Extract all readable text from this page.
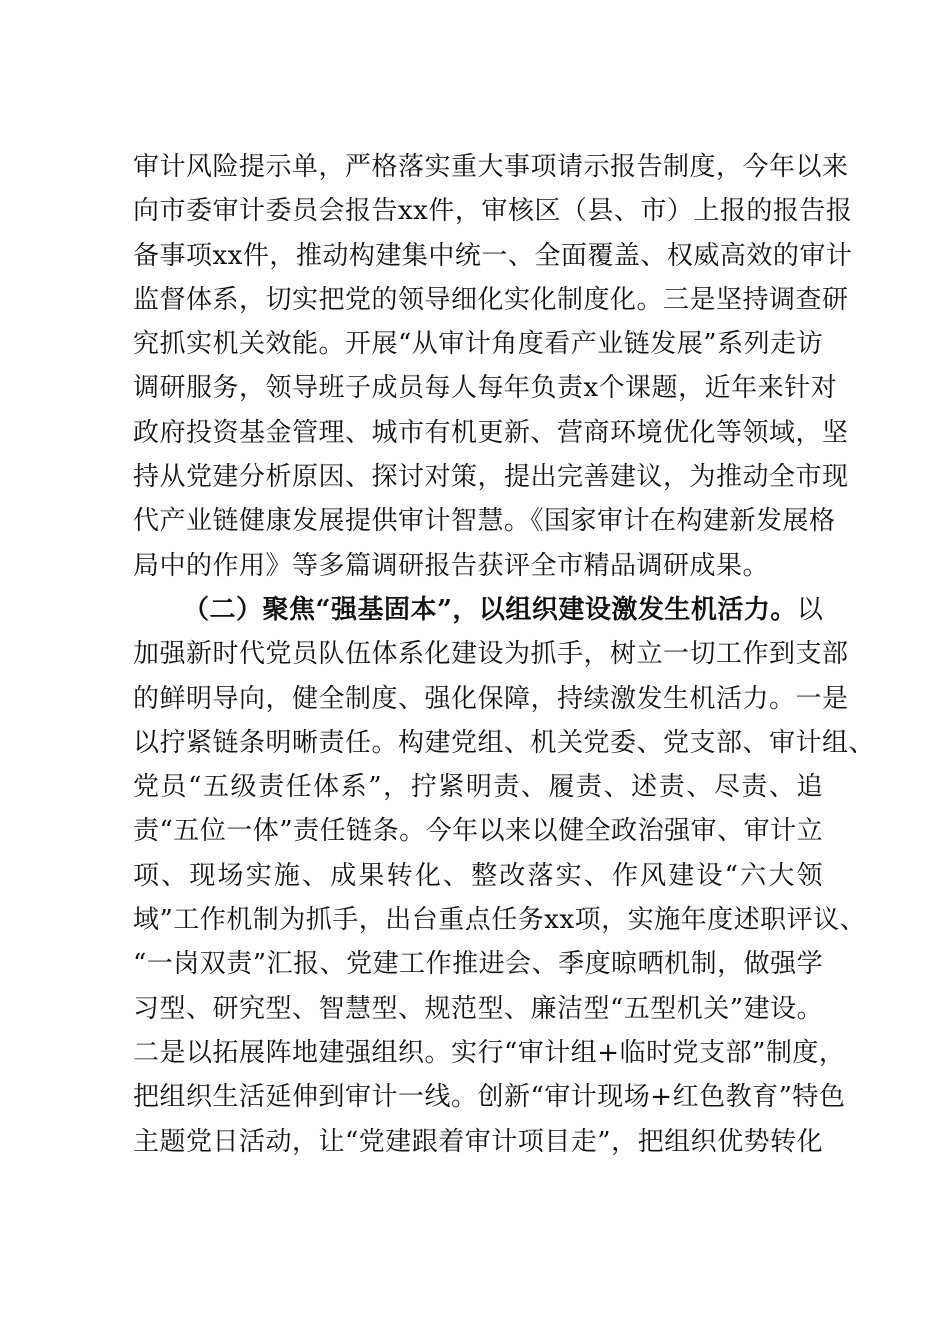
审计风险提示单，严格落实重大事项请示报告制度，今年以来
向市委审计委员会报告xx件，审核区（县、市）上报的报告报
备事项xx件，推动构建集中统一、全面覆盖、权威高效的审计
监督体系，切实把党的领导细化实化制度化。三是坚持调查研
究抓实机关效能。开展“从审计角度看产业链发展”系列走访
调研服务，领导班子成员每人每年负责x个课题，近年来针对
政府投资基金管理、城市有机更新、营商环境优化等领域，坚
持从党建分析原因、探讨对策，提出完善建议，为推动全市现
代产业链健康发展提供审计智慧。《国家审计在构建新发展格
局中的作用》等多篇调研报告获评全市精品调研成果。
（二）聚焦“强基固本”，以组织建设激发生机活力。以
加强新时代党员队伍体系化建设为抓手，树立一切工作到支部
的鲜明导向，健全制度、强化保障，持续激发生机活力。一是
以拧紧链条明晰责任。构建党组、机关党委、党支部、审计组、
党员“五级责任体系”，拧紧明责、履责、述责、尽责、追
责“五位一体”责任链条。今年以来以健全政治强审、审计立
项、现场实施、成果转化、整改落实、作风建设“六大领
域”工作机制为抓手，出台重点任务xx项，实施年度述职评议、
“一岗双责”汇报、党建工作推进会、季度晾晒机制，做强学
习型、研究型、智慧型、规范型、廉洁型“五型机关”建设。
二是以拓展阵地建强组织。实行“审计组+临时党支部”制度，
把组织生活延伸到审计一线。创新“审计现场+红色教育”特色
主题党日活动，让“党建跟着审计项目走”，把组织优势转化
